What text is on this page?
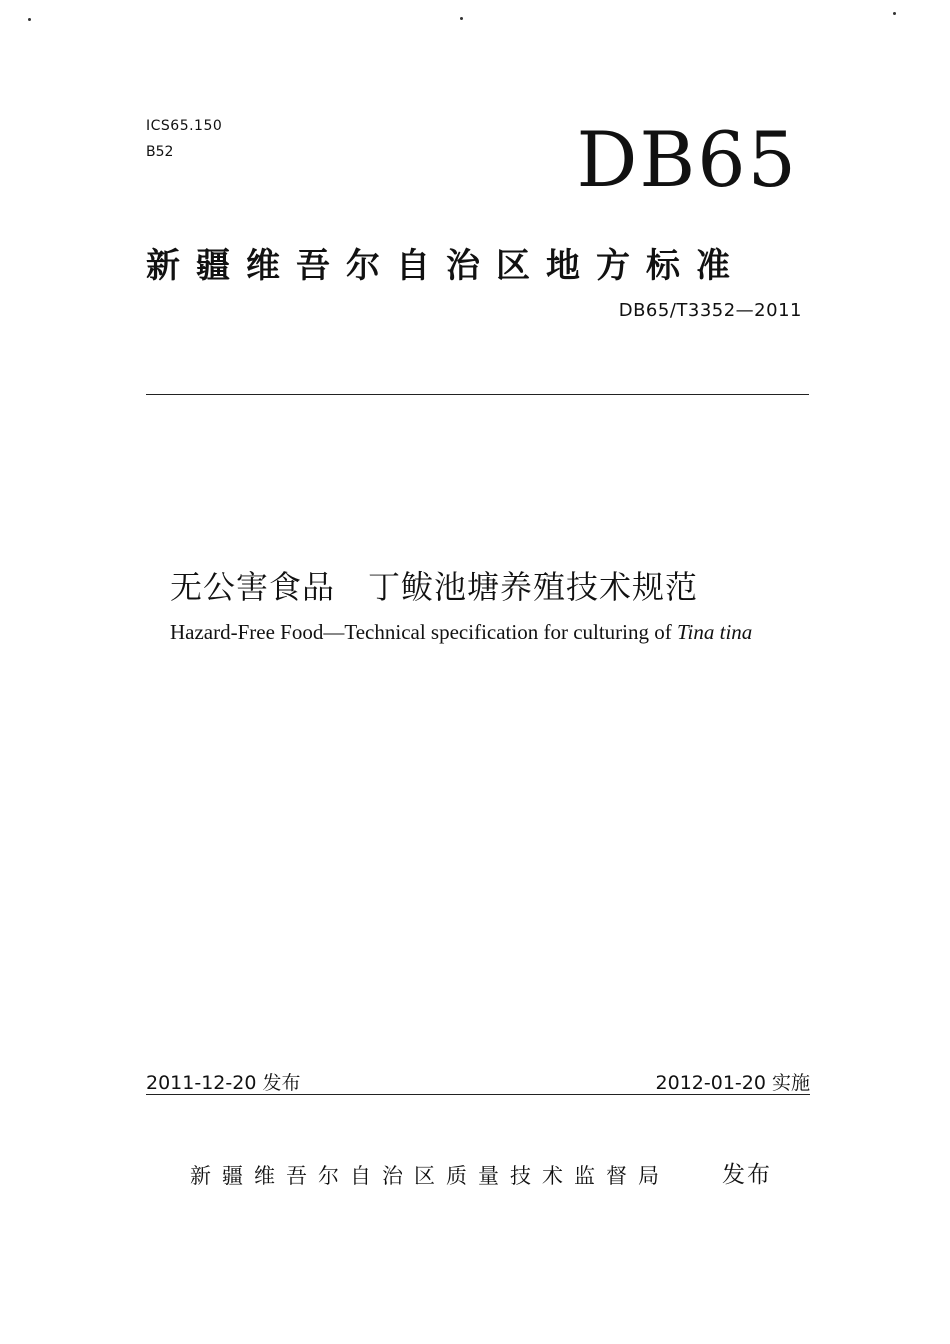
ICS65.150
B52	DB65
新疆维吾尔自治区地方标准
DB65/T3352—2011
无公害食品　丁鲅池塘养殖技术规范
Hazard-Free Food—Technical specification for culturing of Tina tina
2011-12-20 发布	2012-01-20 实施
新疆维吾尔自治区质量技术监督局 发布
